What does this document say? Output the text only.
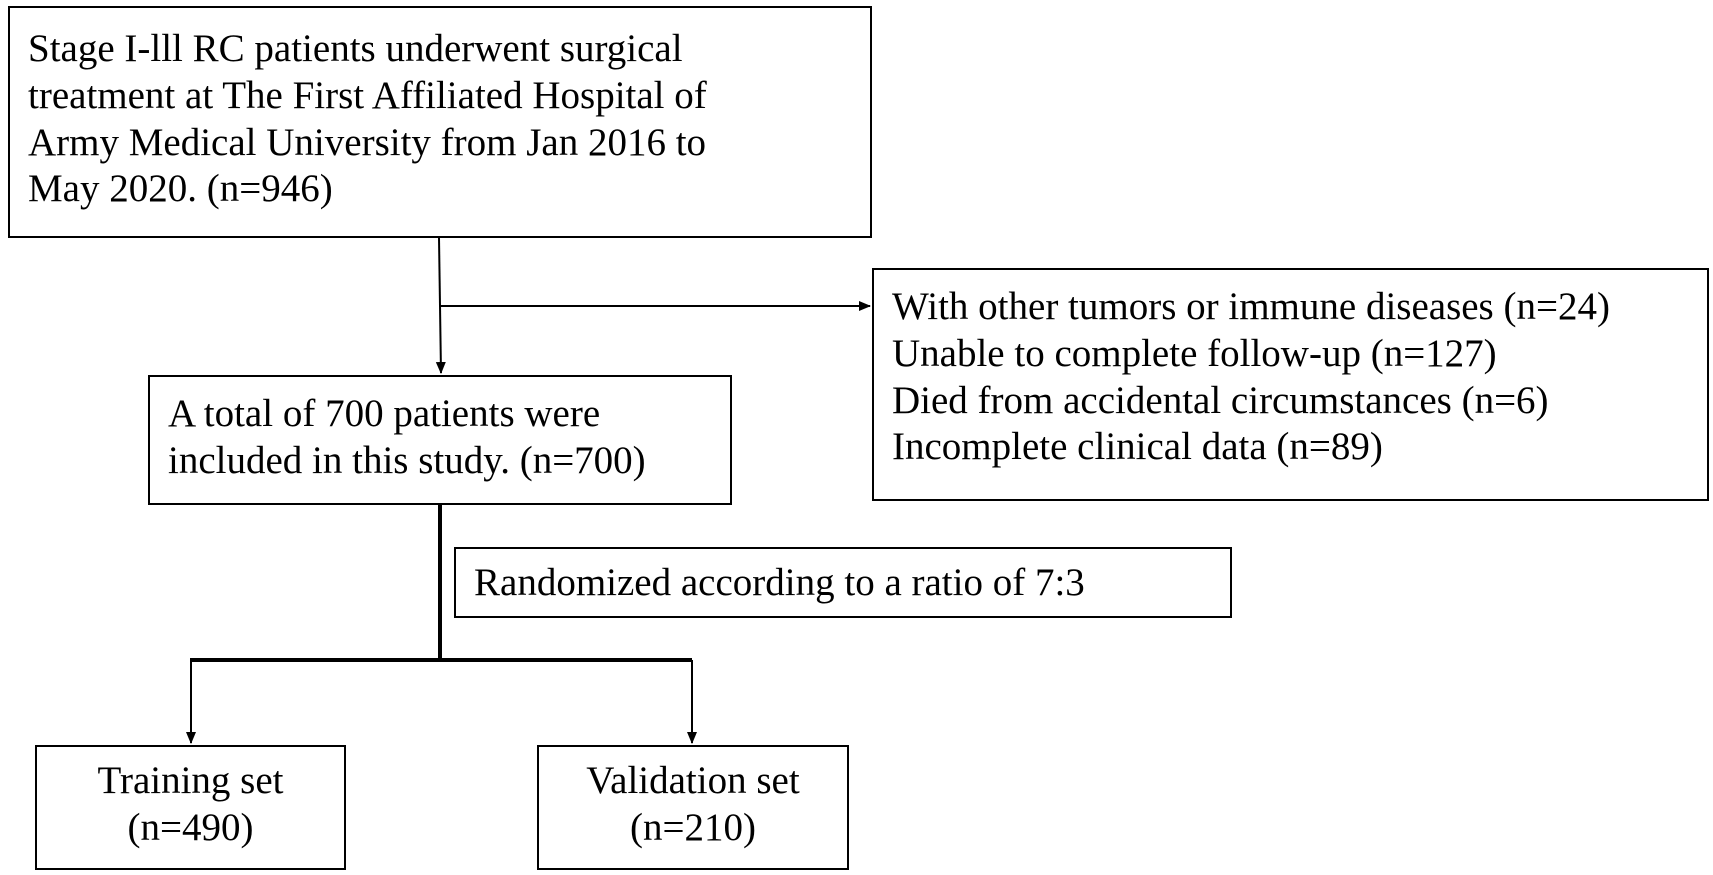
Stage I-lll RC patients underwent surgical
treatment at The First Affiliated Hospital of
Army Medical University from Jan 2016 to
May 2020. (n=946)
With other tumors or immune diseases (n=24)
Unable to complete follow-up (n=127)
Died from accidental circumstances (n=6)
Incomplete clinical data (n=89)
A total of 700 patients were
included in this study. (n=700)
Randomized according to a ratio of 7:3
Training set
(n=490)
Validation set
(n=210)
